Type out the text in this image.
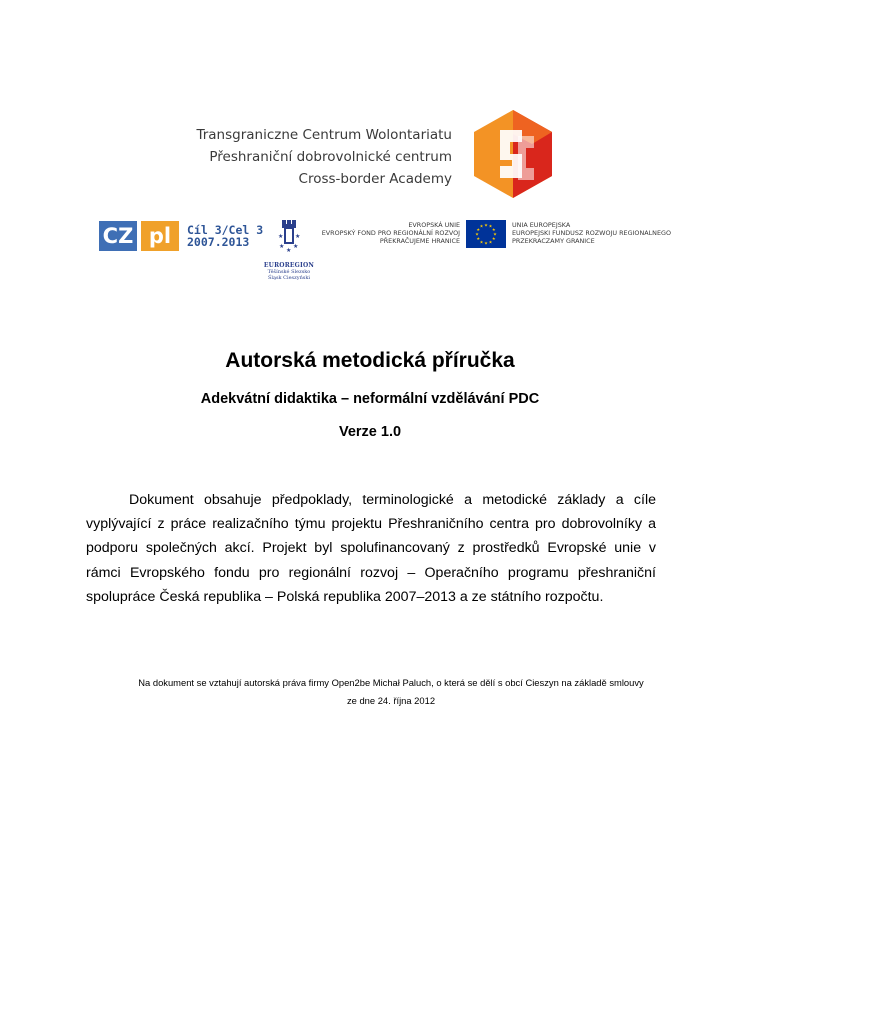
Transgraniczne Centrum Wolontariatu
Přeshraniční dobrovolnické centrum
Cross-border Academy
CZ pl	Cíl 3/Cel 3
2007.2013	★ ★
★
★
★
EUROREGION
Těšínské Slezsko
Śląsk Cieszyński
EVROPSKÁ UNIE
EVROPSKÝ FOND PRO REGIONÁLNÍ ROZVOJ
PŘEKRAČUJEME HRANICE
★ ★
★
★
★
★
★
★
★
★
★
★	UNIA EUROPEJSKA
EUROPEJSKI FUNDUSZ ROZWOJU REGIONALNEGO
PRZEKRACZAMY GRANICE
Autorská metodická příručka
Adekvátní didaktika – neformální vzdělávání PDC
Verze 1.0
Dokument obsahuje předpoklady, terminologické a metodické základy a cíle vyplývající z práce realizačního týmu projektu Přeshraničního centra pro dobrovolníky a podporu společných akcí. Projekt byl spolufinancovaný z prostředků Evropské unie v rámci Evropského fondu pro regionální rozvoj – Operačního programu přeshraniční spolupráce Česká republika – Polská republika 2007–2013 a ze státního rozpočtu.
Na dokument se vztahují autorská práva firmy Open2be Michał Paluch, o která se dělí s obcí Cieszyn na základě smlouvy
ze dne 24. října 2012
